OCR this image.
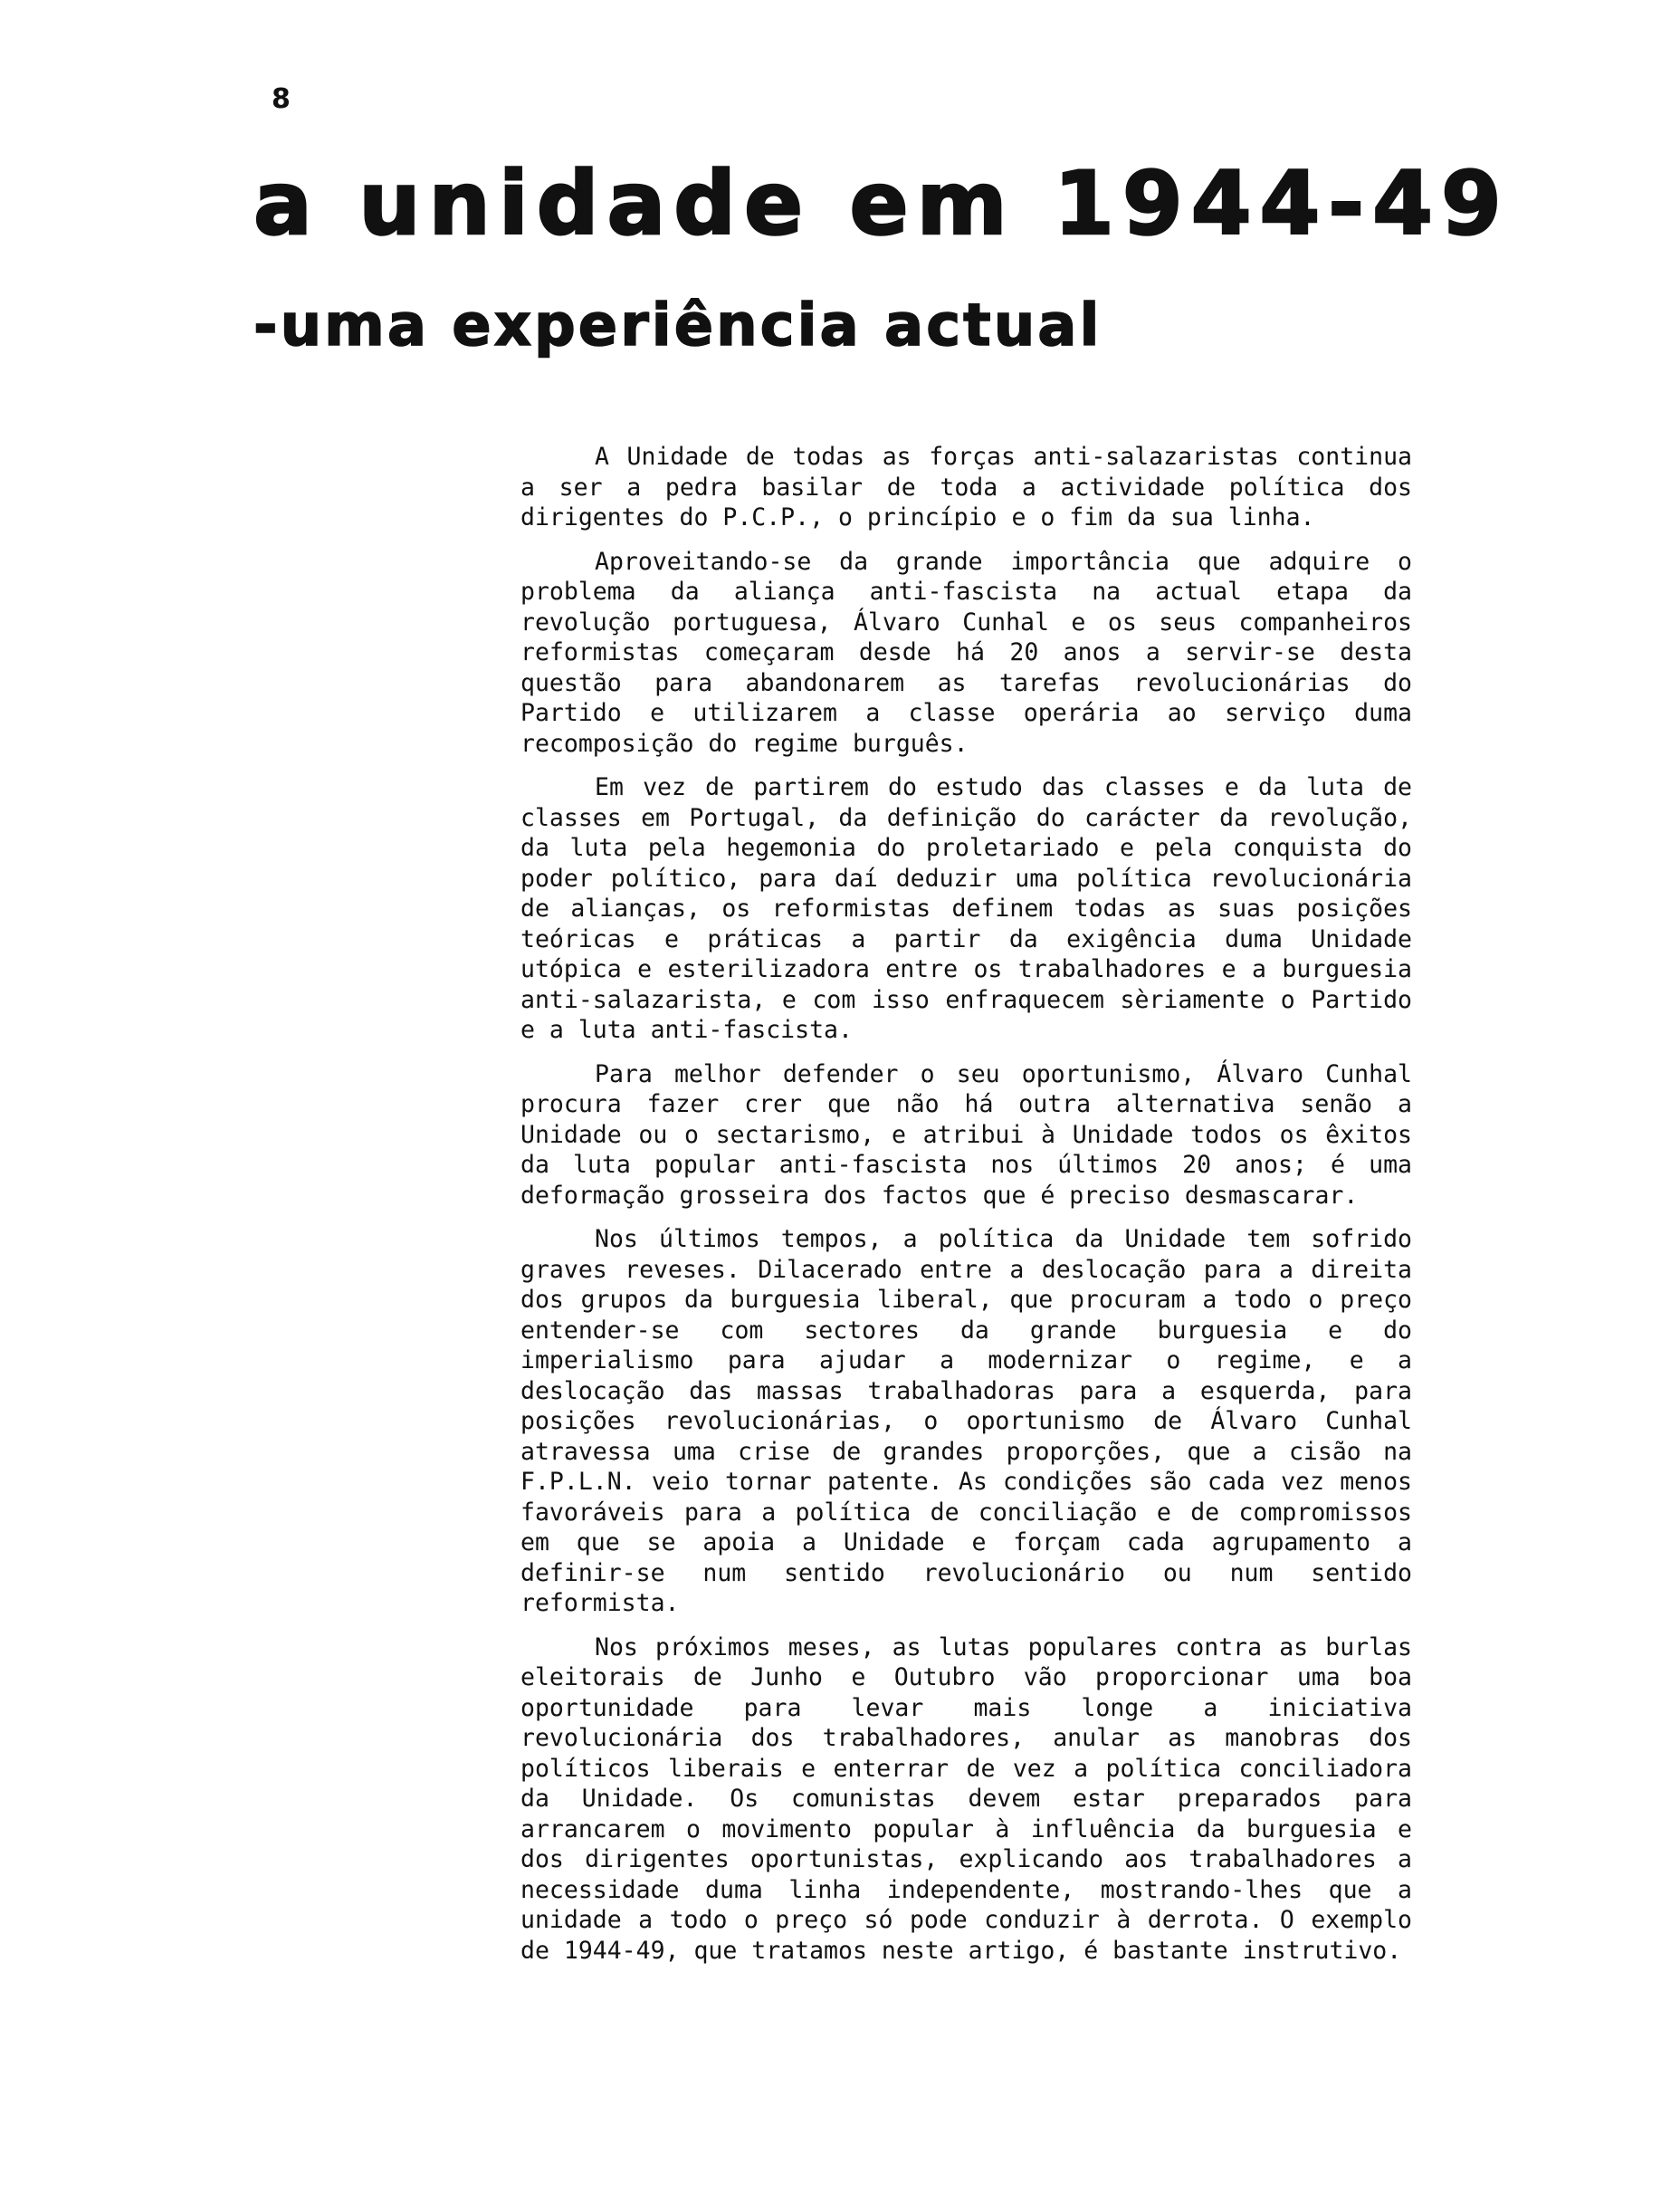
8
a unidade em 1944-49
-uma experiência actual

A Unidade de todas as forças anti-salazaristas continua a ser a pedra basilar de toda a actividade política dos dirigentes do P.C.P., o princípio e o fim da sua linha.

Aproveitando-se da grande importância que adquire o problema da aliança anti-fascista na actual etapa da revolução portuguesa, Álvaro Cunhal e os seus companheiros reformistas começaram desde há 20 anos a servir-se desta questão para abandonarem as tarefas revolucionárias do Partido e utilizarem a classe operária ao serviço duma recomposição do regime burguês.

Em vez de partirem do estudo das classes e da luta de classes em Portugal, da definição do carácter da revolução, da luta pela hegemonia do proletariado e pela conquista do poder político, para daí deduzir uma política revolucionária de alianças, os reformistas definem todas as suas posições teóricas e práticas a partir da exigência duma Unidade utópica e esterilizadora entre os trabalhadores e a burguesia anti-salazarista, e com isso enfraquecem sèriamente o Partido e a luta anti-fascista.

Para melhor defender o seu oportunismo, Álvaro Cunhal procura fazer crer que não há outra alternativa senão a Unidade ou o sectarismo, e atribui à Unidade todos os êxitos da luta popular anti-fascista nos últimos 20 anos; é uma deformação grosseira dos factos que é preciso desmascarar.

Nos últimos tempos, a política da Unidade tem sofrido graves reveses. Dilacerado entre a deslocação para a direita dos grupos da burguesia liberal, que procuram a todo o preço entender-se com sectores da grande burguesia e do imperialismo para ajudar a modernizar o regime, e a deslocação das massas trabalhadoras para a esquerda, para posições revolucionárias, o oportunismo de Álvaro Cunhal atravessa uma crise de grandes proporções, que a cisão na F.P.L.N. veio tornar patente. As condições são cada vez menos favoráveis para a política de conciliação e de compromissos em que se apoia a Unidade e forçam cada agrupamento a definir-se num sentido revolucionário ou num sentido reformista.

Nos próximos meses, as lutas populares contra as burlas eleitorais de Junho e Outubro vão proporcionar uma boa oportunidade para levar mais longe a iniciativa revolucionária dos trabalhadores, anular as manobras dos políticos liberais e enterrar de vez a política conciliadora da Unidade. Os comunistas devem estar preparados para arrancarem o movimento popular à influência da burguesia e dos dirigentes oportunistas, explicando aos trabalhadores a necessidade duma linha independente, mostrando-lhes que a unidade a todo o preço só pode conduzir à derrota. O exemplo de 1944-49, que tratamos neste artigo, é bastante instrutivo.
